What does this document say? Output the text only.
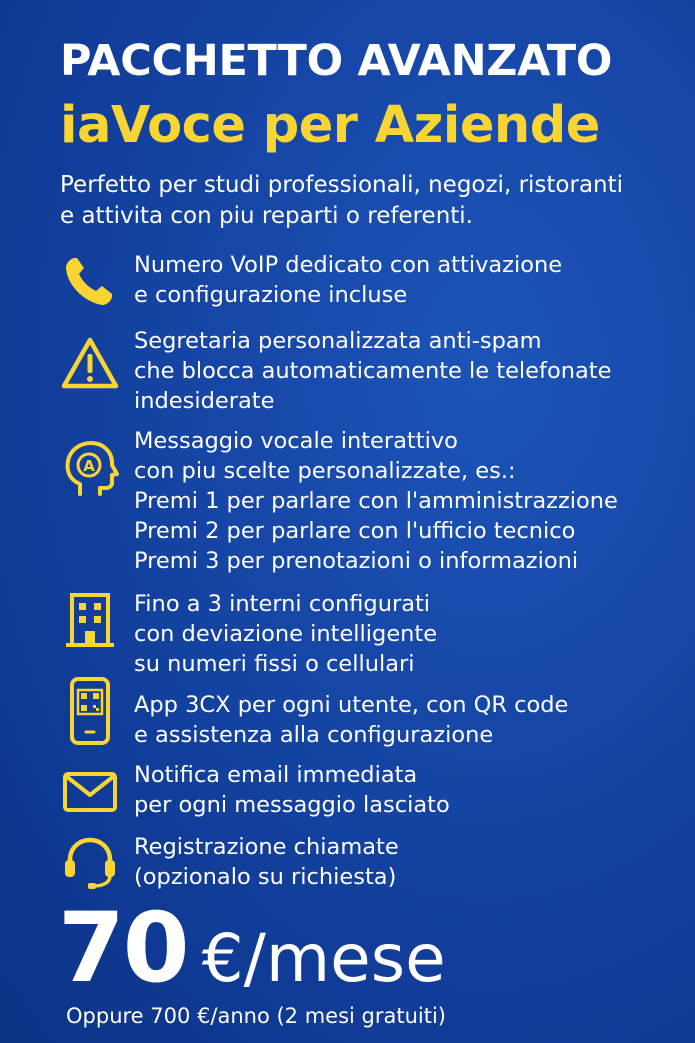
PACCHETTO AVANZATO
iaVoce per Aziende
Perfetto per studi professionali, negozi, ristoranti
e attivita con piu reparti o referenti.
Numero VoIP dedicato con attivazione
e configurazione incluse
Segretaria personalizzata anti-spam
che blocca automaticamente le telefonate
indesiderate
A
Messaggio vocale interattivo
con piu scelte personalizzate, es.:
Premi 1 per parlare con l'amministrazzione
Premi 2 per parlare con l'ufficio tecnico
Premi 3 per prenotazioni o informazioni
Fino a 3 interni configurati
con deviazione intelligente
su numeri fissi o cellulari
App 3CX per ogni utente, con QR code
e assistenza alla configurazione
Notifica email immediata
per ogni messaggio lasciato
Registrazione chiamate
(opzionalo su richiesta)
70 €/mese
Oppure 700 €/anno (2 mesi gratuiti)
